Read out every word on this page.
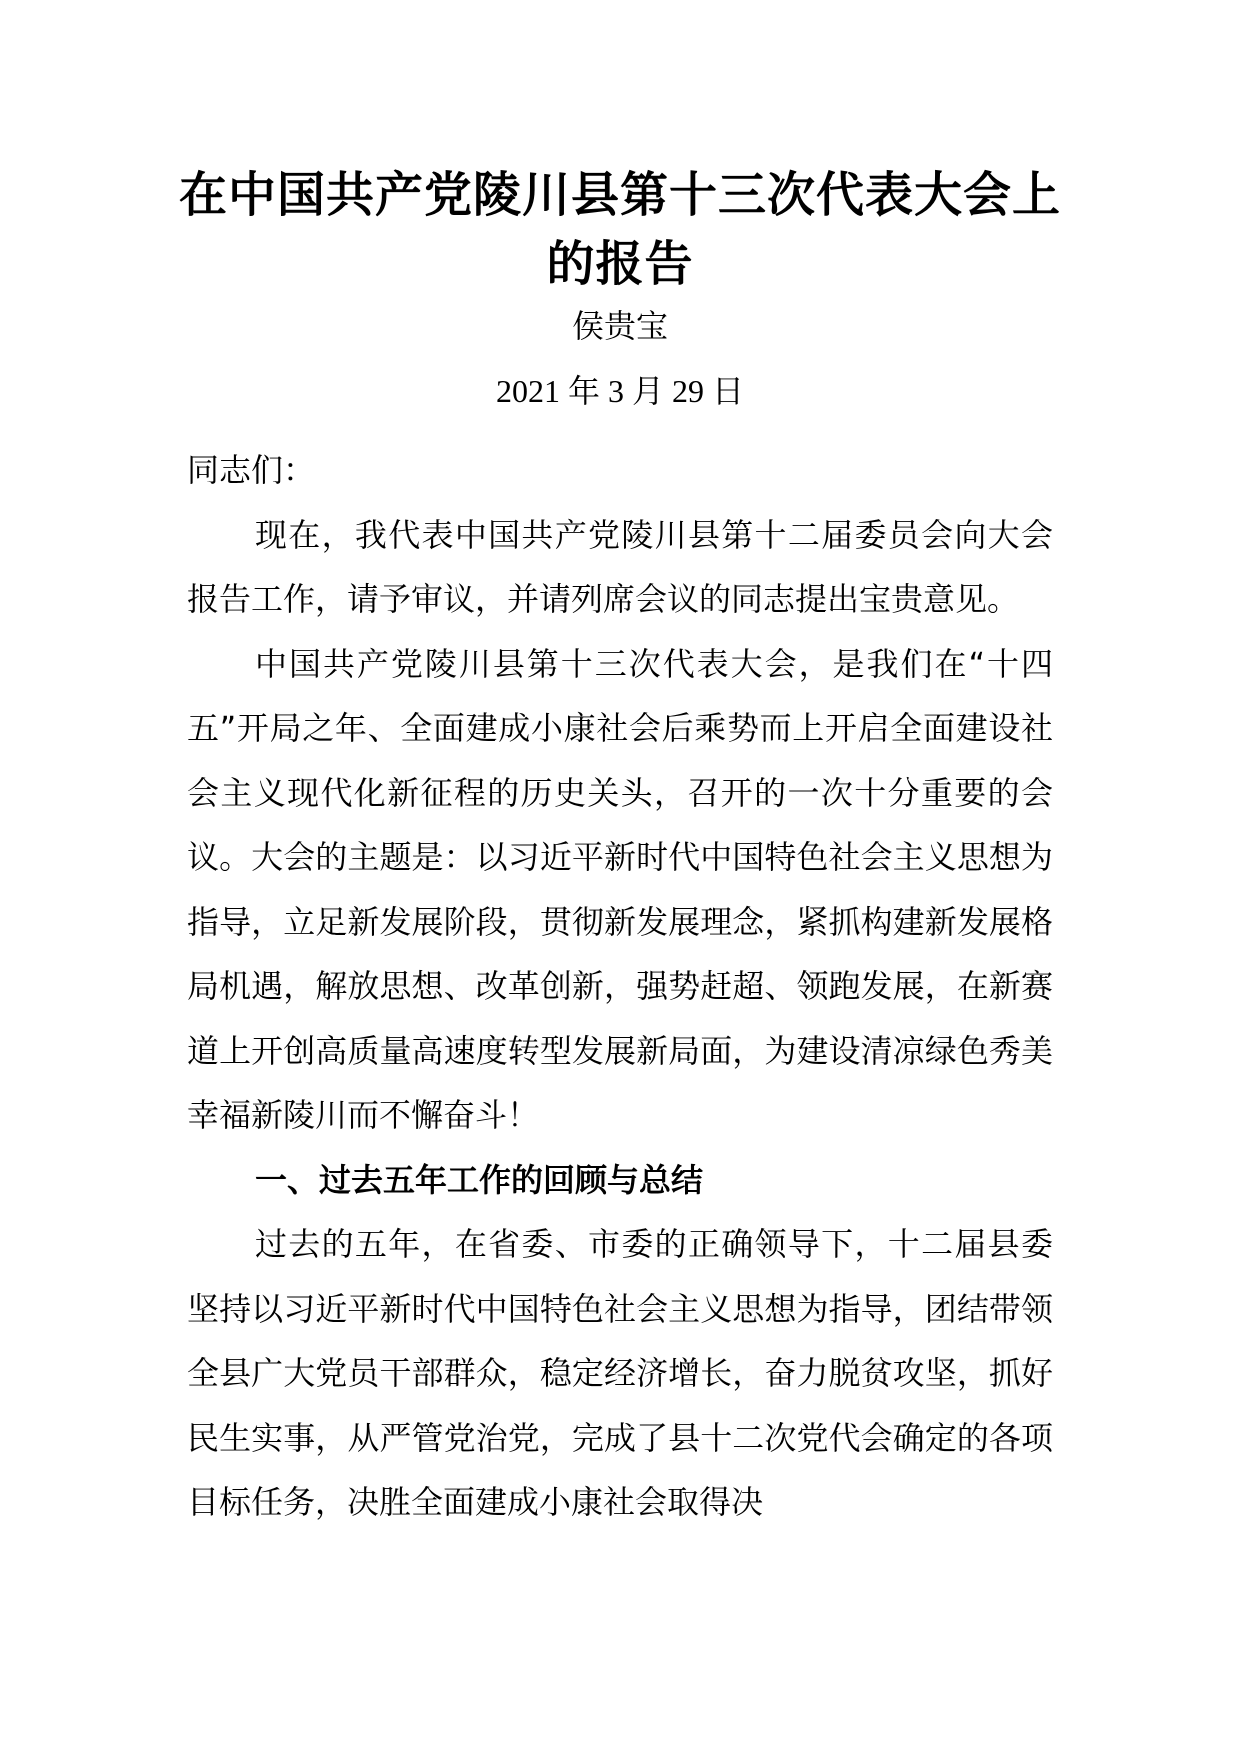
在中国共产党陵川县第十三次代表大会上
的报告
侯贵宝
2021 年 3 月 29 日

同志们：

现在，我代表中国共产党陵川县第十二届委员会向大会报告工作，请予审议，并请列席会议的同志提出宝贵意见。

中国共产党陵川县第十三次代表大会，是我们在“十四五”开局之年、全面建成小康社会后乘势而上开启全面建设社会主义现代化新征程的历史关头，召开的一次十分重要的会议。大会的主题是：以习近平新时代中国特色社会主义思想为指导，立足新发展阶段，贯彻新发展理念，紧抓构建新发展格局机遇，解放思想、改革创新，强势赶超、领跑发展，在新赛道上开创高质量高速度转型发展新局面，为建设清凉绿色秀美幸福新陵川而不懈奋斗！

一、过去五年工作的回顾与总结

过去的五年，在省委、市委的正确领导下，十二届县委坚持以习近平新时代中国特色社会主义思想为指导，团结带领全县广大党员干部群众，稳定经济增长，奋力脱贫攻坚，抓好民生实事，从严管党治党，完成了县十二次党代会确定的各项目标任务，决胜全面建成小康社会取得决
